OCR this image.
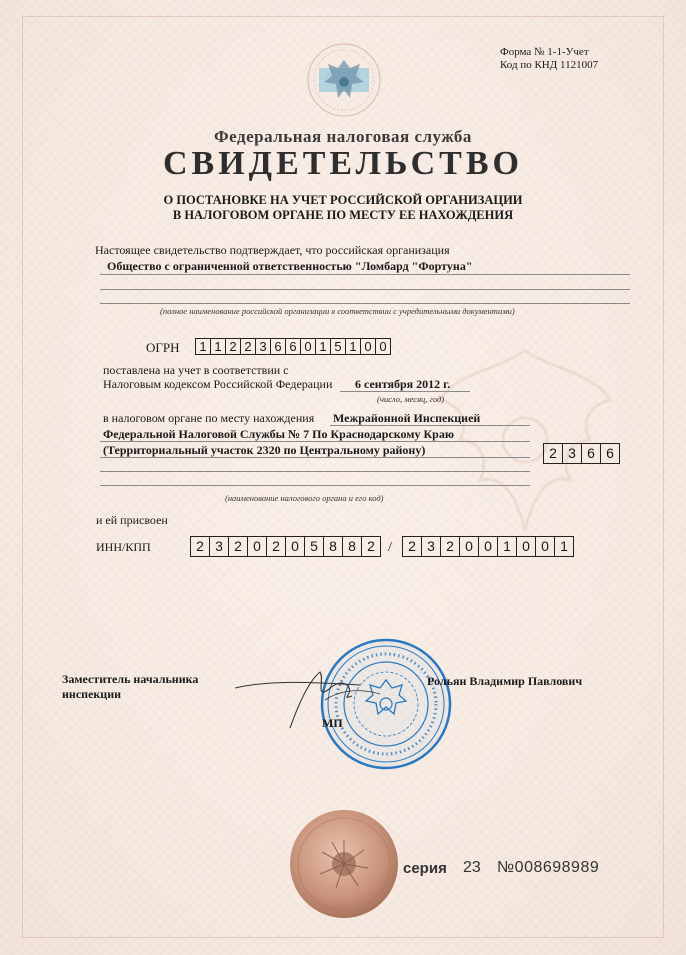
Форма № 1-1-Учет
Код по КНД 1121007
Федеральная налоговая служба
СВИДЕТЕЛЬСТВО
О ПОСТАНОВКЕ НА УЧЕТ РОССИЙСКОЙ ОРГАНИЗАЦИИ
В НАЛОГОВОМ ОРГАНЕ ПО МЕСТУ ЕЕ НАХОЖДЕНИЯ
Настоящее свидетельство подтверждает, что российская организация
Общество с ограниченной ответственностью "Ломбард "Фортуна"
(полное наименование российской организации в соответствии с учредительными документами)
ОГРН 1 1 2 2 3 6 6 0 1 5 1 0 0
поставлена на учет в соответствии с
Налоговым кодексом Российской Федерации 6 сентября 2012 г.
(число, месяц, год)
в налоговом органе по месту нахождения Межрайонной Инспекцией
Федеральной Налоговой Службы № 7 По Краснодарскому Краю
(Территориальный участок 2320 по Центральному району)	2 3 6 6
(наименование налогового органа и его код)
и ей присвоен
ИНН/КПП	2 3 2 0 2 0 5 8 8 2 /	2 3 2 0 0 1 0 0 1
Заместитель начальника
инспекции
Рольян Владимир Павлович
МП
серия 23 №008698989
